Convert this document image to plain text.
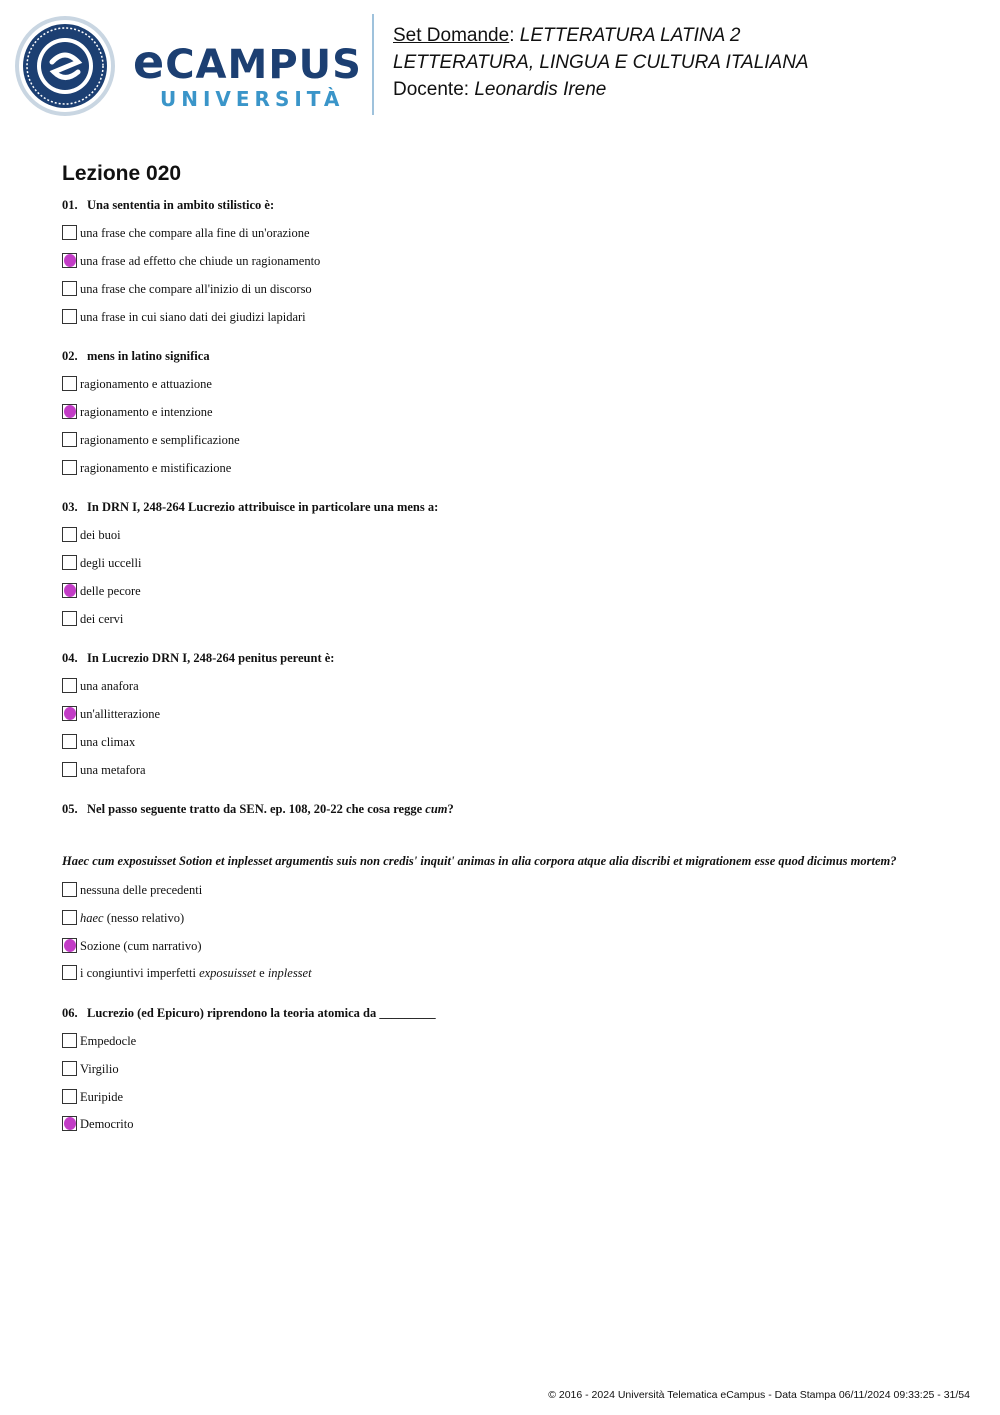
eCAMPUS
UNIVERSITÀ
Set Domande: LETTERATURA LATINA 2
LETTERATURA, LINGUA E CULTURA ITALIANA
Docente: Leonardis Irene
Lezione 020
01. Una sententia in ambito stilistico è:
una frase che compare alla fine di un'orazione
una frase ad effetto che chiude un ragionamento
una frase che compare all'inizio di un discorso
una frase in cui siano dati dei giudizi lapidari
02. mens in latino significa
ragionamento e attuazione
ragionamento e intenzione
ragionamento e semplificazione
ragionamento e mistificazione
03. In DRN I, 248-264 Lucrezio attribuisce in particolare una mens a:
dei buoi
degli uccelli
delle pecore
dei cervi
04. In Lucrezio DRN I, 248-264 penitus pereunt è:
una anafora
un'allitterazione
una climax
una metafora
05. Nel passo seguente tratto da SEN. ep. 108, 20-22 che cosa regge cum?
Haec cum exposuisset Sotion et inplesset argumentis suis non credis' inquit' animas in alia corpora atque alia discribi et migrationem esse quod dicimus mortem?
nessuna delle precedenti
haec (nesso relativo)
Sozione (cum narrativo)
i congiuntivi imperfetti exposuisset e inplesset
06. Lucrezio (ed Epicuro) riprendono la teoria atomica da _________
Empedocle
Virgilio
Euripide
Democrito
© 2016 - 2024 Università Telematica eCampus - Data Stampa 06/11/2024 09:33:25 - 31/54
